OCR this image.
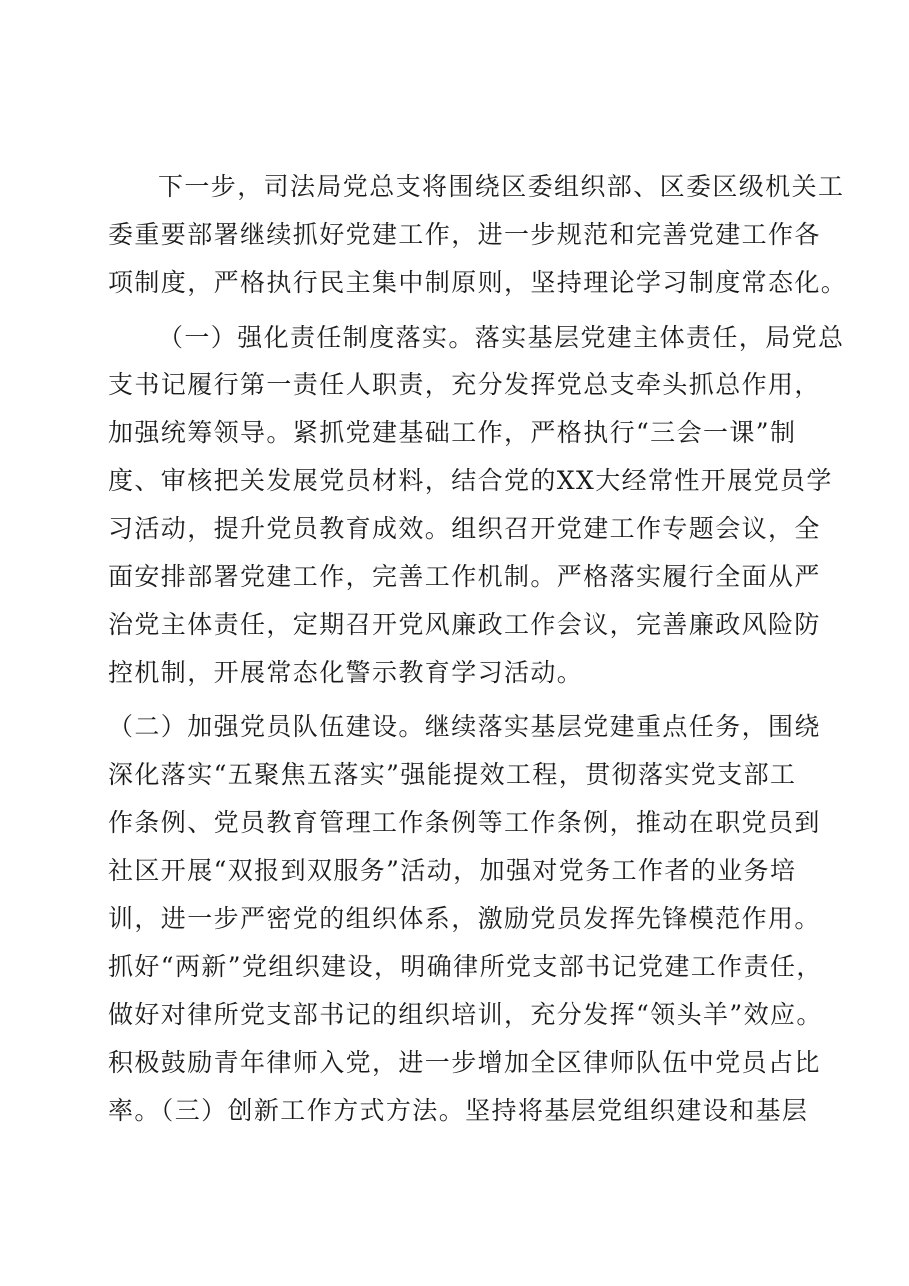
下一步，司法局党总支将围绕区委组织部、区委区级机关工
委重要部署继续抓好党建工作，进一步规范和完善党建工作各
项制度，严格执行民主集中制原则，坚持理论学习制度常态化。
（一）强化责任制度落实。落实基层党建主体责任，局党总
支书记履行第一责任人职责，充分发挥党总支牵头抓总作用，
加强统筹领导。紧抓党建基础工作，严格执行“三会一课”制
度、审核把关发展党员材料，结合党的XX大经常性开展党员学
习活动，提升党员教育成效。组织召开党建工作专题会议，全
面安排部署党建工作，完善工作机制。严格落实履行全面从严
治党主体责任，定期召开党风廉政工作会议，完善廉政风险防
控机制，开展常态化警示教育学习活动。
（二）加强党员队伍建设。继续落实基层党建重点任务，围绕
深化落实“五聚焦五落实”强能提效工程，贯彻落实党支部工
作条例、党员教育管理工作条例等工作条例，推动在职党员到
社区开展“双报到双服务”活动，加强对党务工作者的业务培
训，进一步严密党的组织体系，激励党员发挥先锋模范作用。
抓好“两新”党组织建设，明确律所党支部书记党建工作责任，
做好对律所党支部书记的组织培训，充分发挥“领头羊”效应。
积极鼓励青年律师入党，进一步增加全区律师队伍中党员占比
率。（三）创新工作方式方法。坚持将基层党组织建设和基层
